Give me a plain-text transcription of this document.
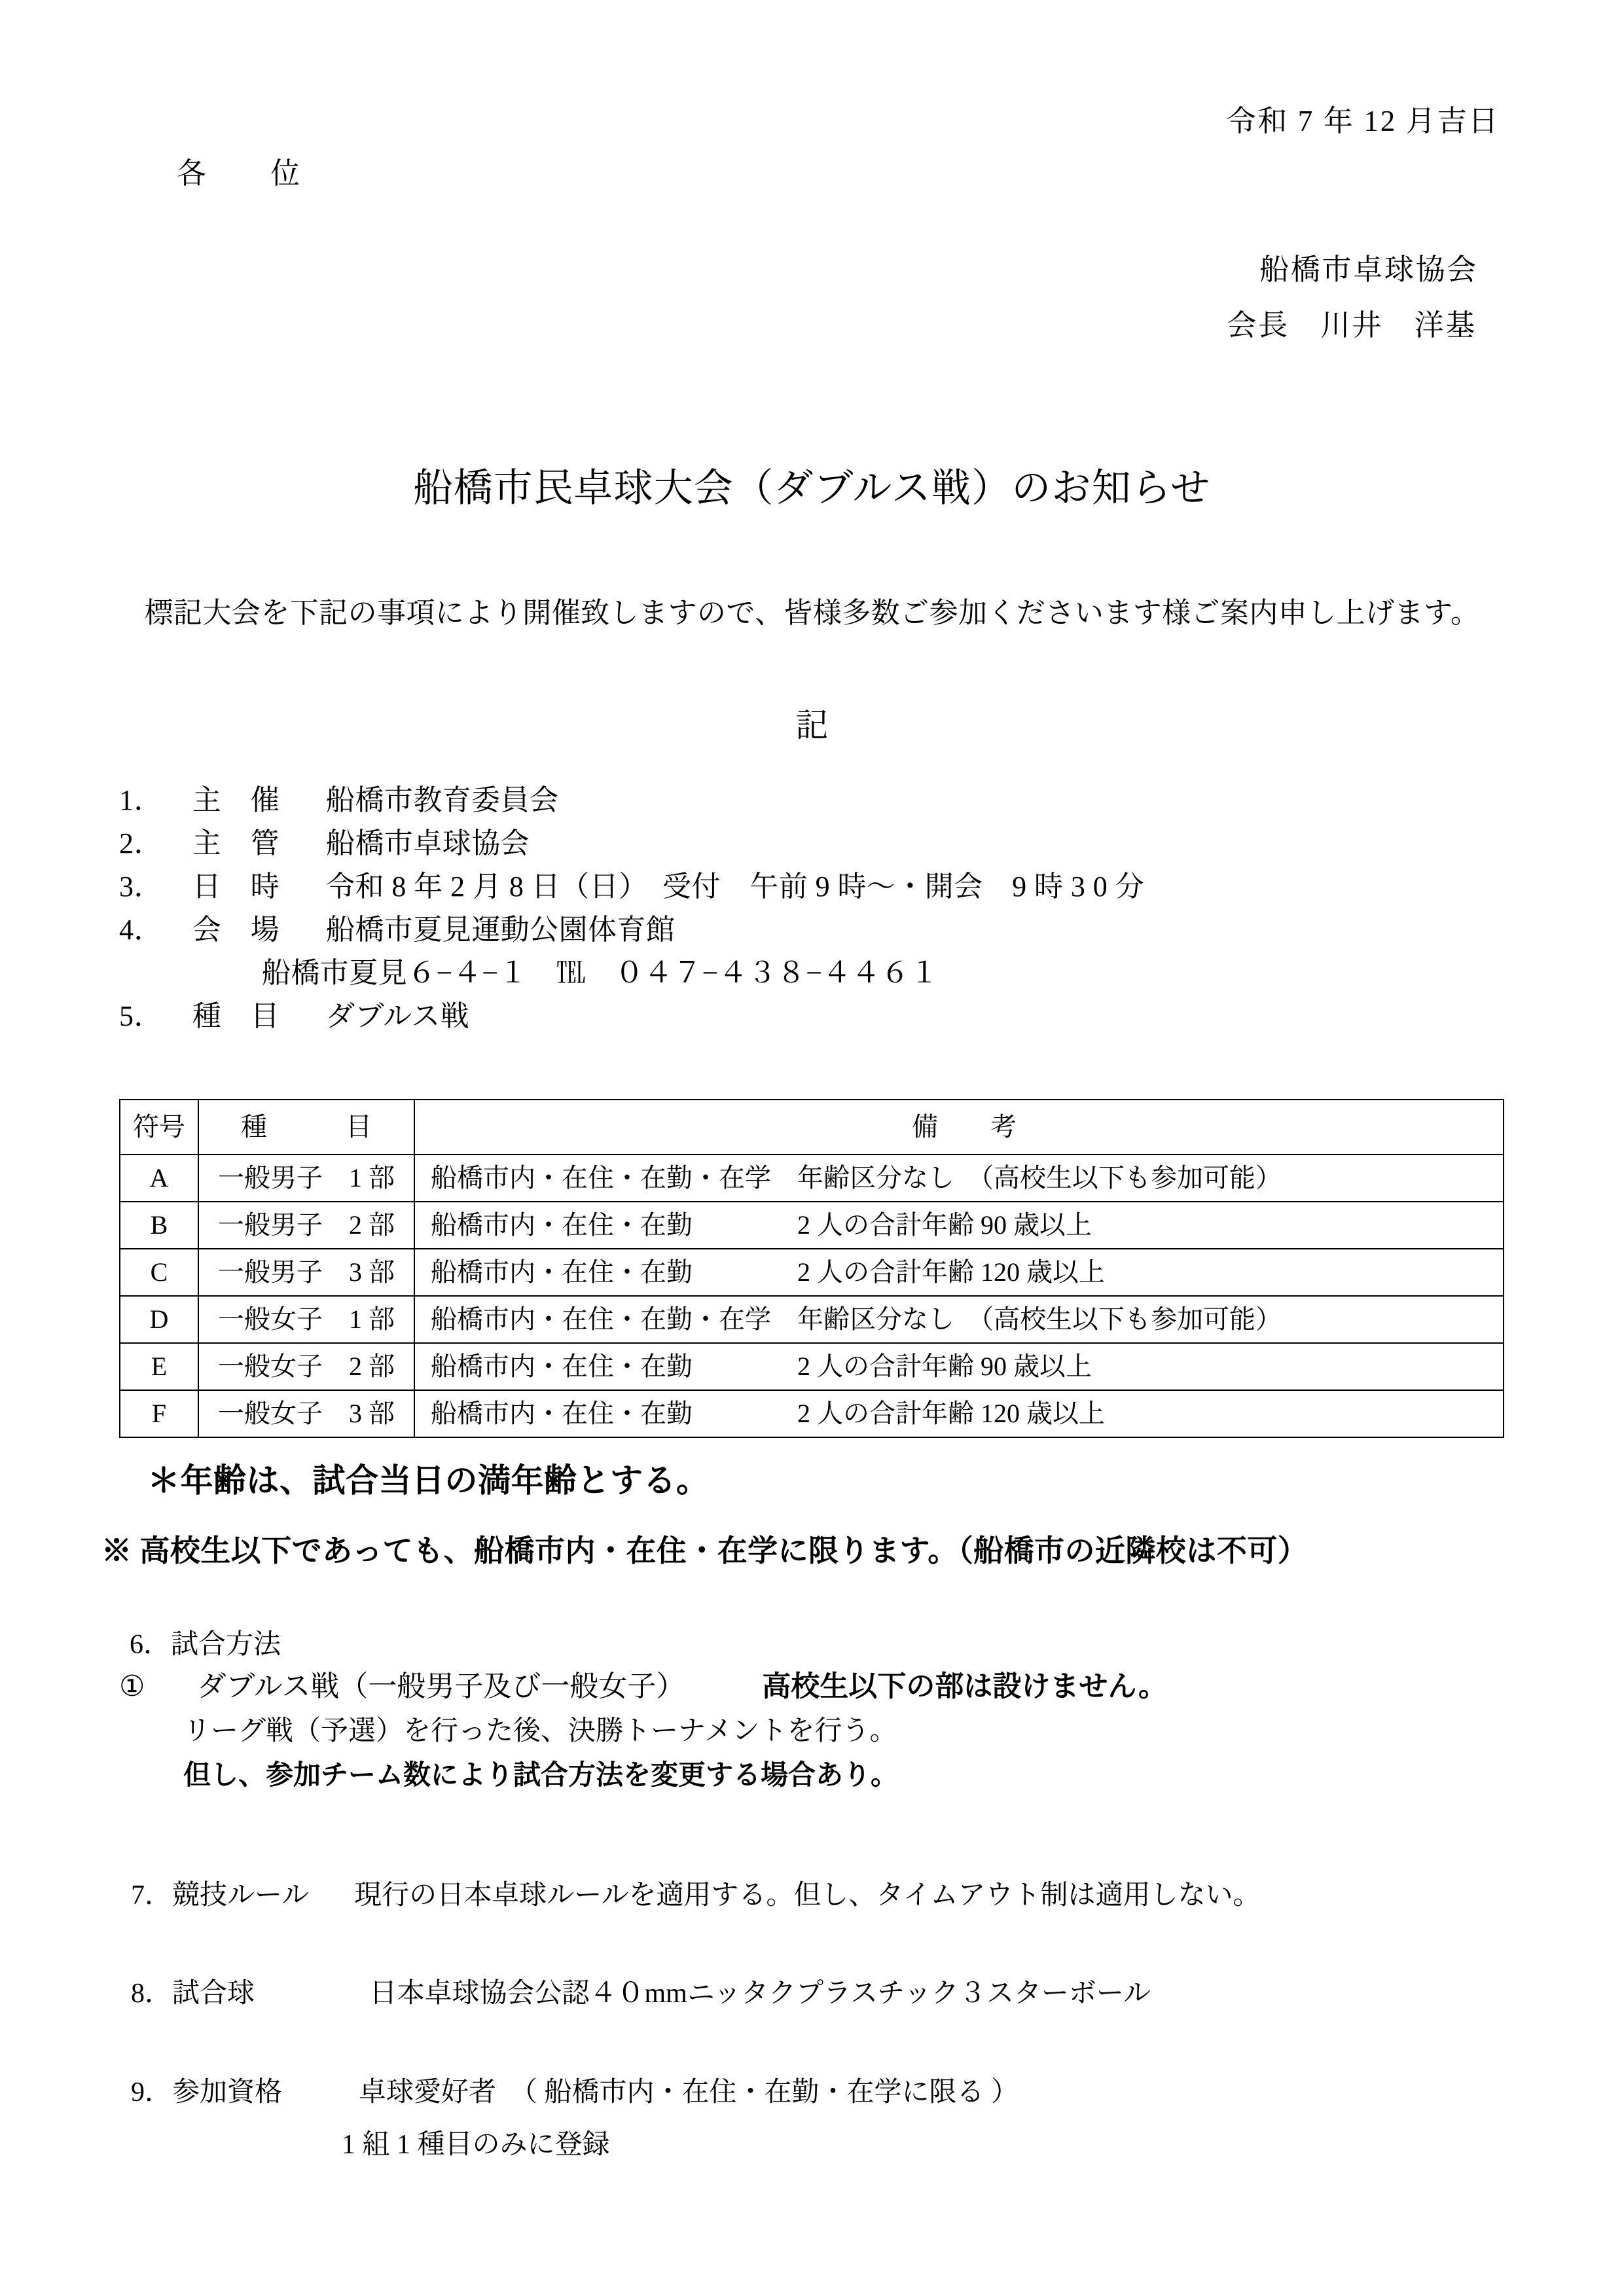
令和 7 年 12 月吉日
各　　位
船橋市卓球協会
会長　川井　洋基
船橋市民卓球大会（ダブルス戦）のお知らせ
標記大会を下記の事項により開催致しますので、皆様多数ご参加くださいます様ご案内申し上げます。
記
1． 主　催 船橋市教育委員会
2． 主　管 船橋市卓球協会
3． 日　時 令和 8 年 2 月 8 日（日）　受付　午前 9 時〜・開会　9 時 3 0 分
4． 会　場 船橋市夏見運動公園体育館
船橋市夏見６−４−１　℡　０４７−４３８−４４６１
5． 種　目 ダブルス戦
符号	種　　　目	備　　考
A	一般男子　1 部	船橋市内・在住・在勤・在学　年齢区分なし　（高校生以下も参加可能）
B	一般男子　2 部	船橋市内・在住・在勤　　　　2 人の合計年齢 90 歳以上
C	一般男子　3 部	船橋市内・在住・在勤　　　　2 人の合計年齢 120 歳以上
D	一般女子　1 部	船橋市内・在住・在勤・在学　年齢区分なし　（高校生以下も参加可能）
E	一般女子　2 部	船橋市内・在住・在勤　　　　2 人の合計年齢 90 歳以上
F	一般女子　3 部	船橋市内・在住・在勤　　　　2 人の合計年齢 120 歳以上
＊年齢は、試合当日の満年齢とする。
※ 高校生以下であっても、船橋市内・在住・在学に限ります。（船橋市の近隣校は不可）
6．試合方法
① ダブルス戦（一般男子及び一般女子）	高校生以下の部は設けません。
リーグ戦（予選）を行った後、決勝トーナメントを行う。
但し、参加チーム数により試合方法を変更する場合あり。
7．競技ルール 現行の日本卓球ルールを適用する。但し、タイムアウト制は適用しない。
8．試合球	日本卓球協会公認４０mmニッタクプラスチック３スターボール
9．参加資格	卓球愛好者　（ 船橋市内・在住・在勤・在学に限る ）
1 組 1 種目のみに登録
